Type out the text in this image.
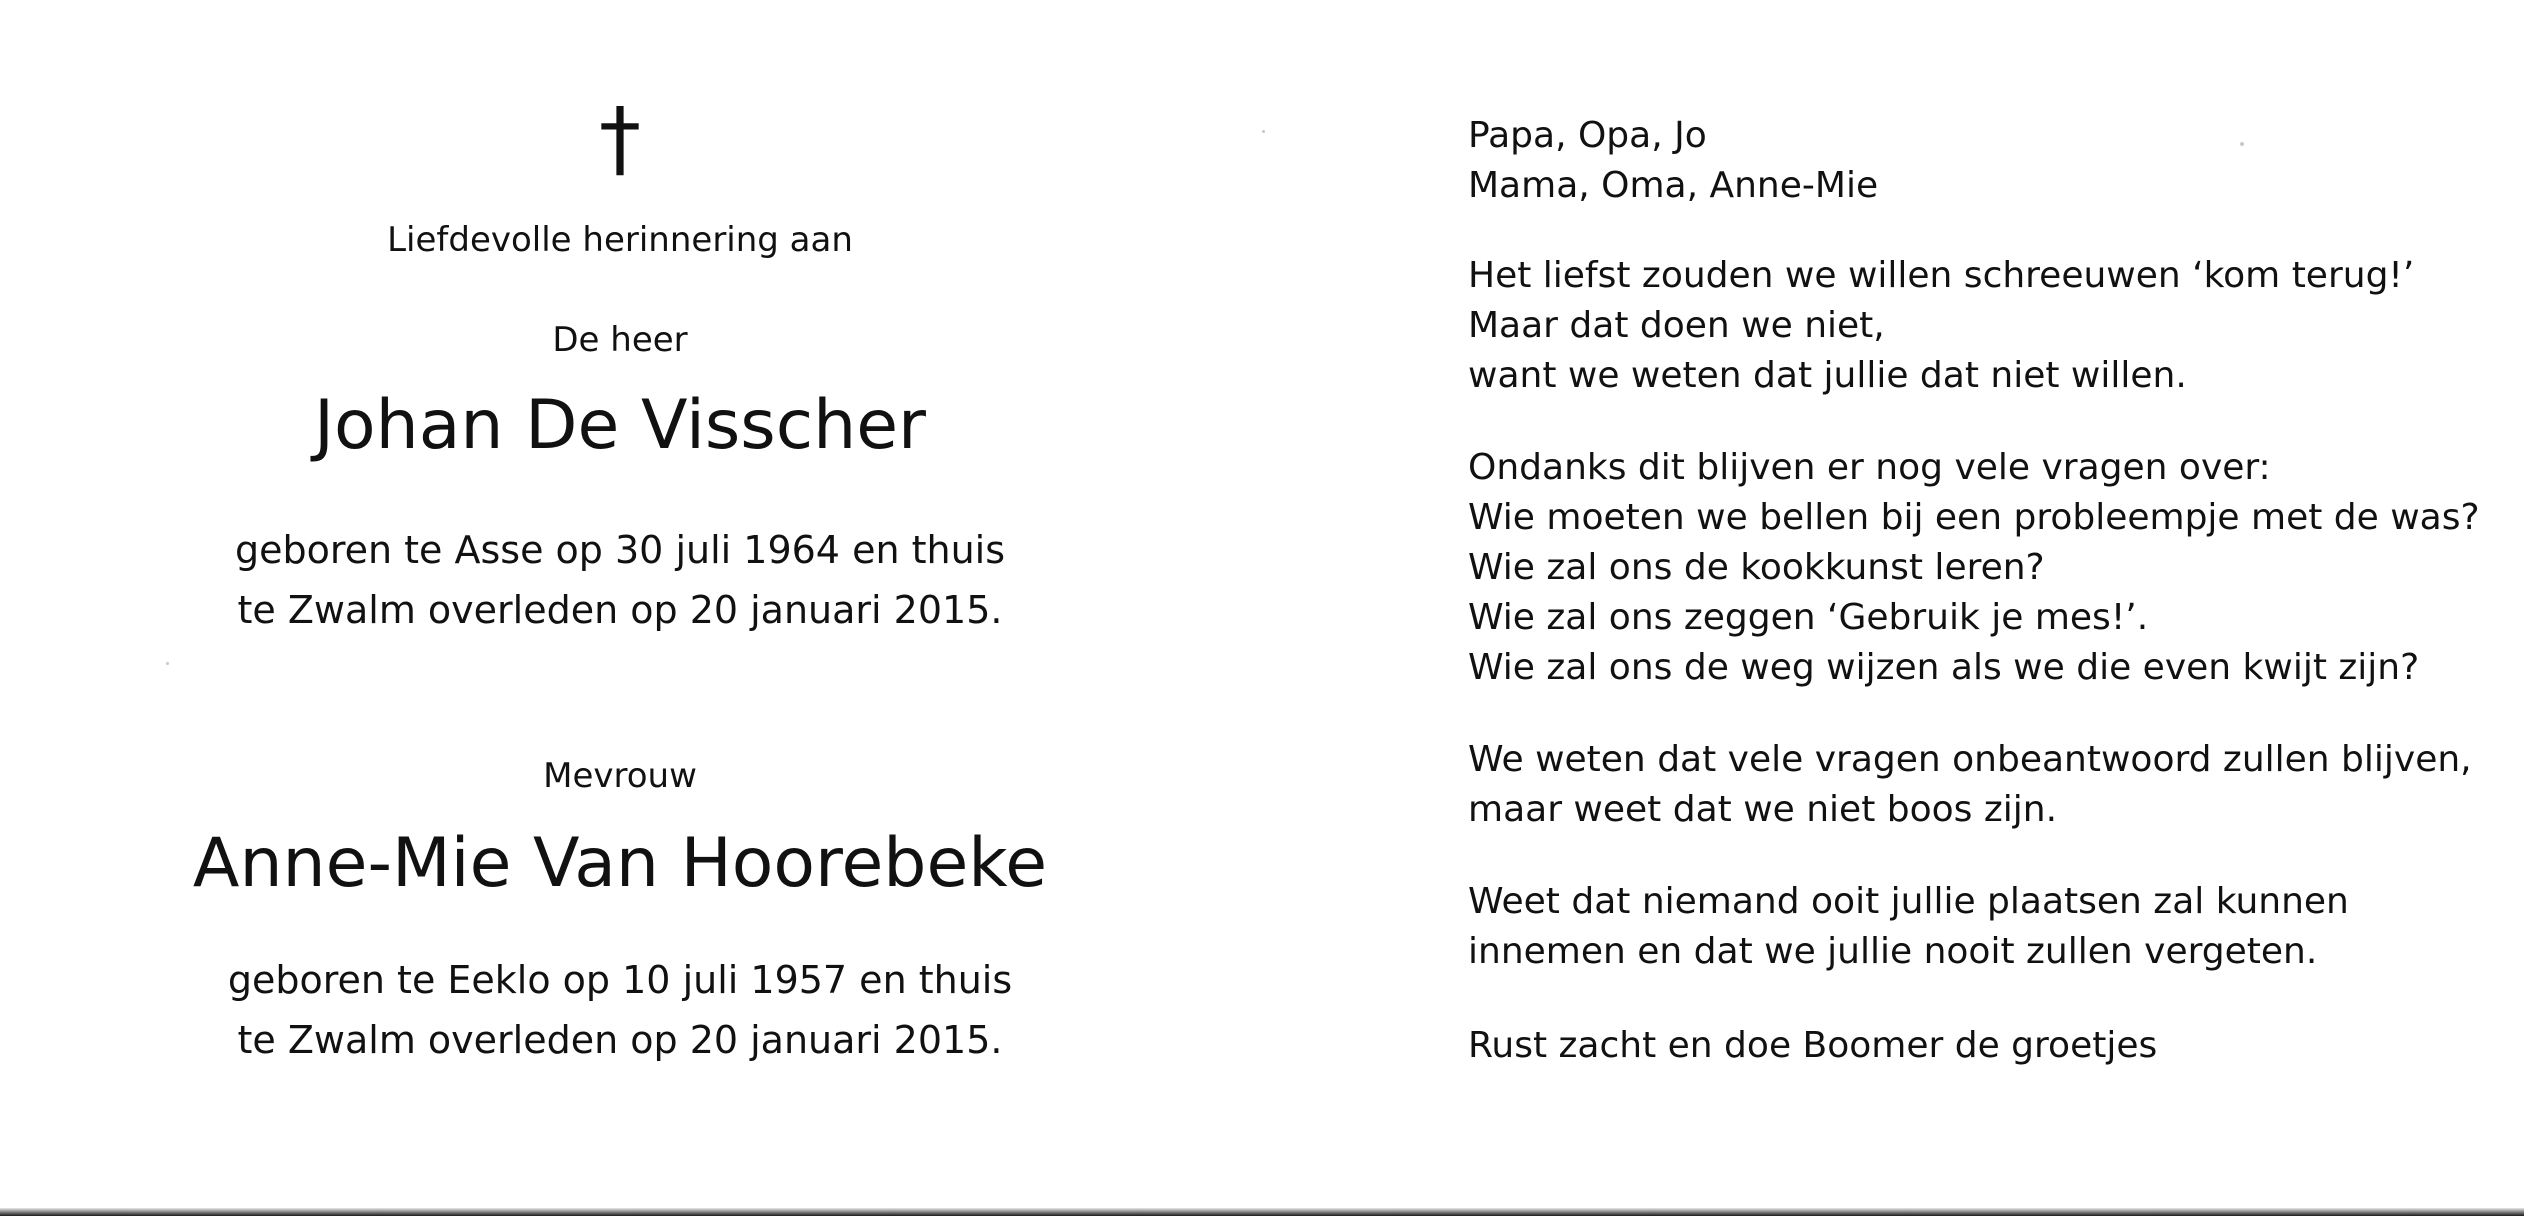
†
Liefdevolle herinnering aan
De heer
Johan De Visscher
geboren te Asse op 30 juli 1964 en thuis
te Zwalm overleden op 20 januari 2015.
Mevrouw
Anne-Mie Van Hoorebeke
geboren te Eeklo op 10 juli 1957 en thuis
te Zwalm overleden op 20 januari 2015.
Papa, Opa, Jo
Mama, Oma, Anne-Mie
Het liefst zouden we willen schreeuwen ‘kom terug!’
Maar dat doen we niet,
want we weten dat jullie dat niet willen.
Ondanks dit blijven er nog vele vragen over:
Wie moeten we bellen bij een probleempje met de was?
Wie zal ons de kookkunst leren?
Wie zal ons zeggen ‘Gebruik je mes!’.
Wie zal ons de weg wijzen als we die even kwijt zijn?
We weten dat vele vragen onbeantwoord zullen blijven,
maar weet dat we niet boos zijn.
Weet dat niemand ooit jullie plaatsen zal kunnen
innemen en dat we jullie nooit zullen vergeten.
Rust zacht en doe Boomer de groetjes
